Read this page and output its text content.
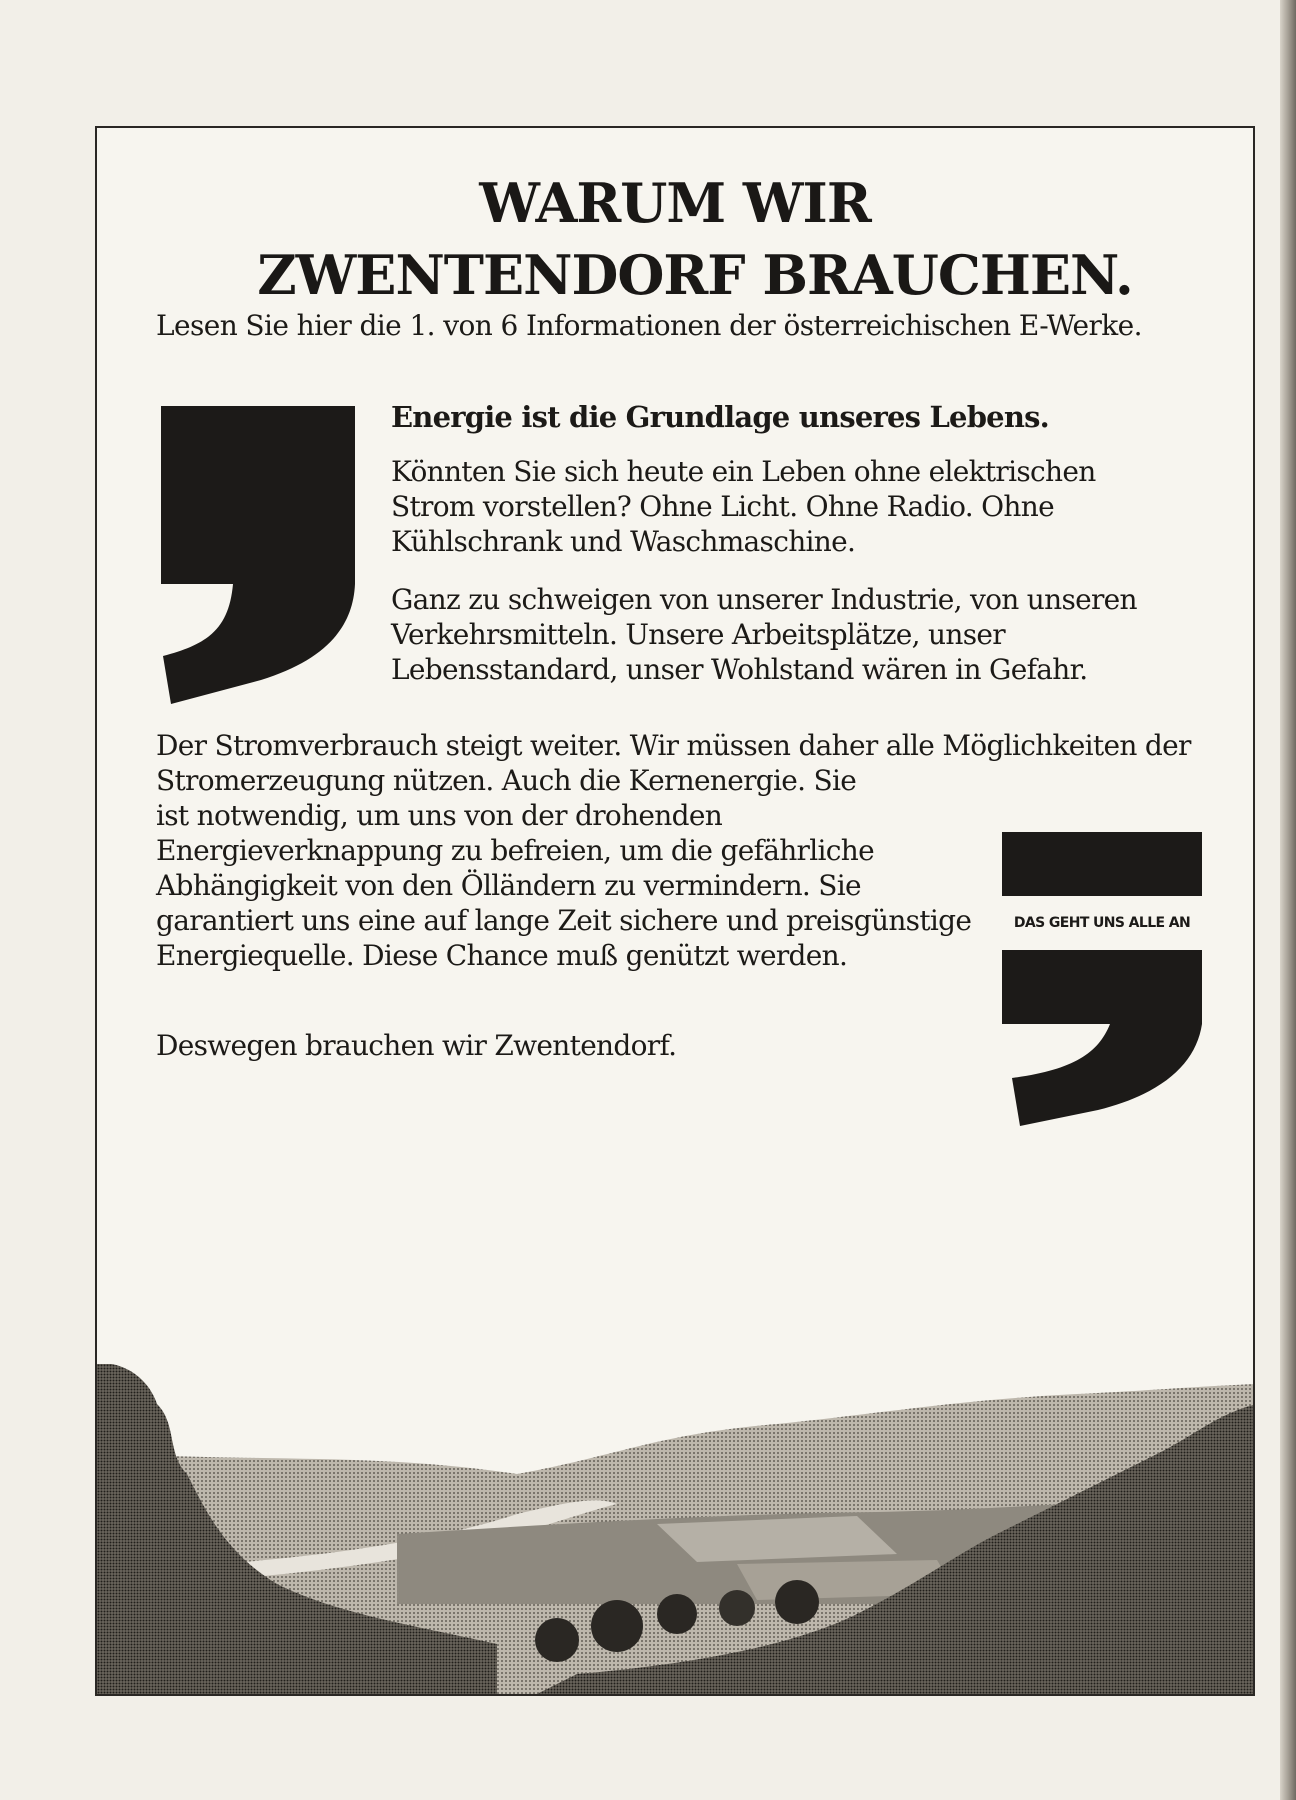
WARUM WIR
ZWENTENDORF BRAUCHEN.

Lesen Sie hier die 1. von 6 Informationen der österreichischen E-Werke.

Energie ist die Grundlage unseres Lebens.

Könnten Sie sich heute ein Leben ohne elektrischen Strom vorstellen? Ohne Licht. Ohne Radio. Ohne Kühlschrank und Waschmaschine.

Ganz zu schweigen von unserer Industrie, von unseren Verkehrsmitteln. Unsere Arbeitsplätze, unser Lebensstandard, unser Wohlstand wären in Gefahr.

Der Stromverbrauch steigt weiter. Wir müssen daher alle Möglichkeiten der Stromerzeugung nützen. Auch die Kernenergie. Sie
ist notwendig, um uns von der drohenden Energieverknappung zu befreien, um die gefährliche Abhängigkeit von den Ölländern zu vermindern. Sie garantiert uns eine auf lange Zeit sichere und preisgünstige Energiequelle. Diese Chance muß genützt werden.

Deswegen brauchen wir Zwentendorf.

DAS GEHT UNS ALLE AN
